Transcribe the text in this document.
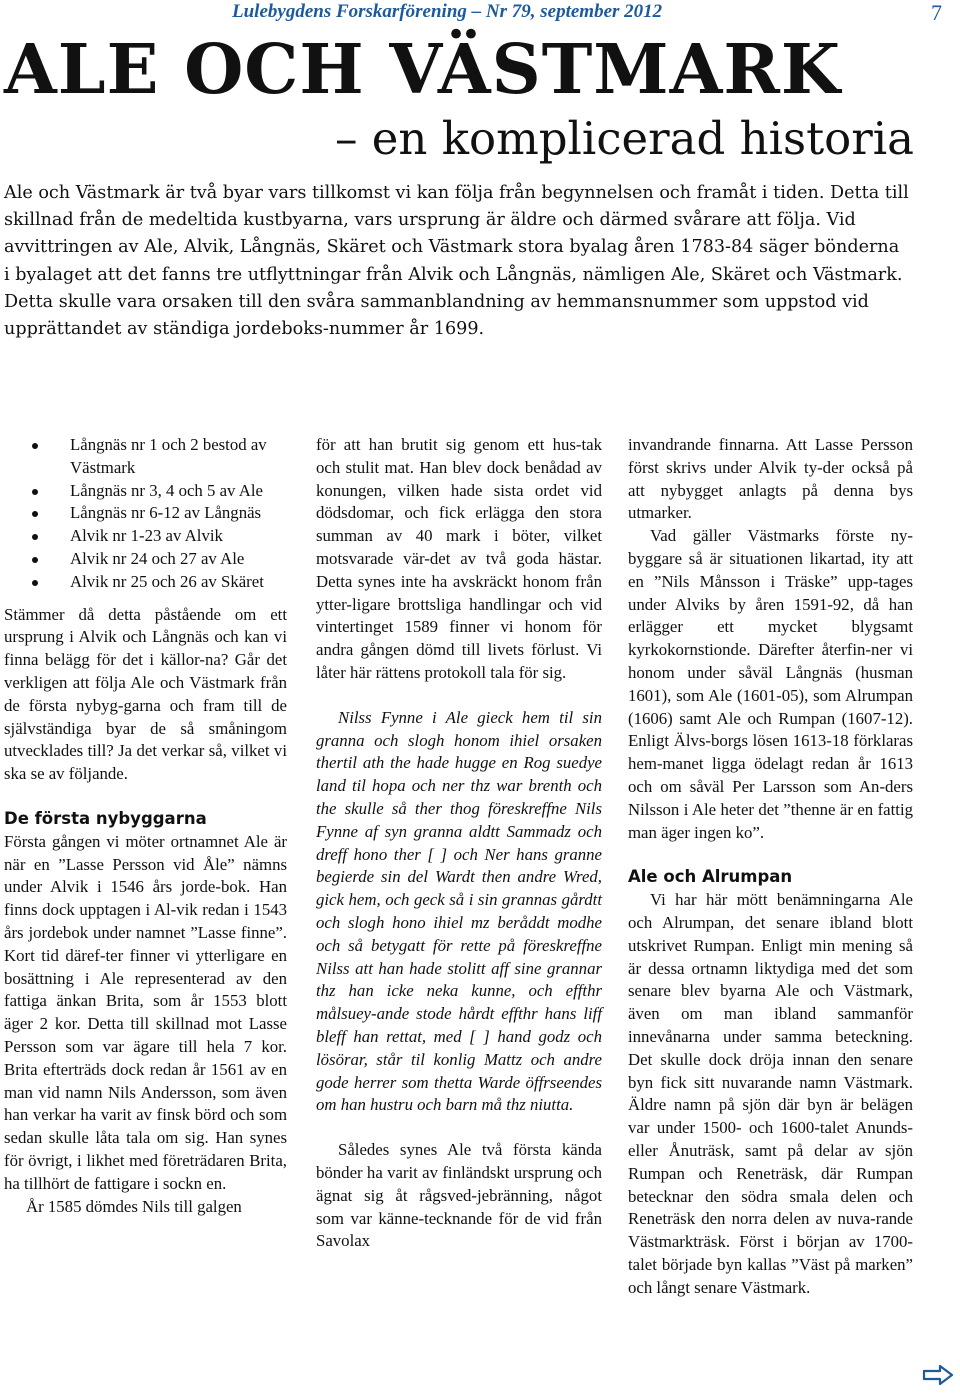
Lulebygdens Forskarförening – Nr 79, september 2012	7
ALE OCH VÄSTMARK
– en komplicerad historia
Ale och Västmark är två byar vars tillkomst vi kan följa från begynnelsen och framåt i tiden. Detta till skillnad från de medeltida kustbyarna, vars ursprung är äldre och därmed svårare att följa. Vid avvittringen av Ale, Alvik, Långnäs, Skäret och Västmark stora byalag åren 1783-84 säger bönderna i byalaget att det fanns tre utflyttningar från Alvik och Långnäs, nämligen Ale, Skäret och Västmark. Detta skulle vara orsaken till den svåra sammanblandning av hemmansnummer som uppstod vid upprättandet av ständiga jordeboks-nummer år 1699.
Långnäs nr 1 och 2 bestod av Västmark
Långnäs nr 3, 4 och 5 av Ale
Långnäs nr 6-12 av Långnäs
Alvik nr 1-23 av Alvik
Alvik nr 24 och 27 av Ale
Alvik nr 25 och 26 av Skäret

Stämmer då detta påstående om ett ursprung i Alvik och Långnäs och kan vi finna belägg för det i källor-na? Går det verkligen att följa Ale och Västmark från de första nybyg-garna och fram till de självständiga byar de så småningom utvecklades till? Ja det verkar så, vilket vi ska se av följande.

De första nybyggarna

Första gången vi möter ortnamnet Ale är när en ”Lasse Persson vid Åle” nämns under Alvik i 1546 års jorde-bok. Han finns dock upptagen i Al-vik redan i 1543 års jordebok under namnet ”Lasse finne”. Kort tid däref-ter finner vi ytterligare en bosättning i Ale representerad av den fattiga änkan Brita, som år 1553 blott äger 2 kor. Detta till skillnad mot Lasse Persson som var ägare till hela 7 kor. Brita efterträds dock redan år 1561 av en man vid namn Nils Andersson, som även han verkar ha varit av finsk börd och som sedan skulle låta tala om sig. Han synes för övrigt, i likhet med företrädaren Brita, ha tillhört de fattigare i sockn en.

År 1585 dömdes Nils till galgen

för att han brutit sig genom ett hus-tak och stulit mat. Han blev dock benådad av konungen, vilken hade sista ordet vid dödsdomar, och fick erlägga den stora summan av 40 mark i böter, vilket motsvarade vär-det av två goda hästar. Detta synes inte ha avskräckt honom från ytter-ligare brottsliga handlingar och vid vintertinget 1589 finner vi honom för andra gången dömd till livets förlust. Vi låter här rättens protokoll tala för sig.

Nilss Fynne i Ale gieck hem til sin granna och slogh honom ihiel orsaken thertil ath the hade hugge en Rog suedye land til hopa och ner thz war brenth och the skulle så ther thog föreskreffne Nils Fynne af syn granna aldtt Sammadz och dreff hono ther [ ] och Ner hans granne begierde sin del Wardt then andre Wred, gick hem, och geck så i sin grannas gårdtt och slogh hono ihiel mz beråddt modhe och så betygatt för rette på föreskreffne Nilss att han hade stolitt aff sine grannar thz han icke neka kunne, och effthr målsuey-ande stode hårdt effthr hans liff bleff han rettat, med [ ] hand godz och lösörar, står til konlig Mattz och andre gode herrer som thetta Warde öffrseendes om han hustru och barn må thz niutta.

Således synes Ale två första kända bönder ha varit av finländskt ursprung och ägnat sig åt rågsved-jebränning, något som var känne-tecknande för de vid från Savolax

invandrande finnarna. Att Lasse Persson först skrivs under Alvik ty-der också på att nybygget anlagts på denna bys utmarker.

Vad gäller Västmarks förste ny-byggare så är situationen likartad, ity att en ”Nils Månsson i Träske” upp-tages under Alviks by åren 1591-92, då han erlägger ett mycket blygsamt kyrkokornstionde. Därefter återfin-ner vi honom under såväl Långnäs (husman 1601), som Ale (1601-05), som Alrumpan (1606) samt Ale och Rumpan (1607-12). Enligt Älvs-borgs lösen 1613-18 förklaras hem-manet ligga ödelagt redan år 1613 och om såväl Per Larsson som An-ders Nilsson i Ale heter det ”thenne är en fattig man äger ingen ko”.

Ale och Alrumpan

Vi har här mött benämningarna Ale och Alrumpan, det senare ibland blott utskrivet Rumpan. Enligt min mening så är dessa ortnamn liktydiga med det som senare blev byarna Ale och Västmark, även om man ibland sammanför innevånarna under samma beteckning. Det skulle dock dröja innan den senare byn fick sitt nuvarande namn Västmark. Äldre namn på sjön där byn är belägen var under 1500- och 1600-talet Anunds-eller Ånuträsk, samt på delar av sjön Rumpan och Reneträsk, där Rumpan betecknar den södra smala delen och Reneträsk den norra delen av nuva-rande Västmarkträsk. Först i början av 1700-talet började byn kallas ”Väst på marken” och långt senare Västmark.
